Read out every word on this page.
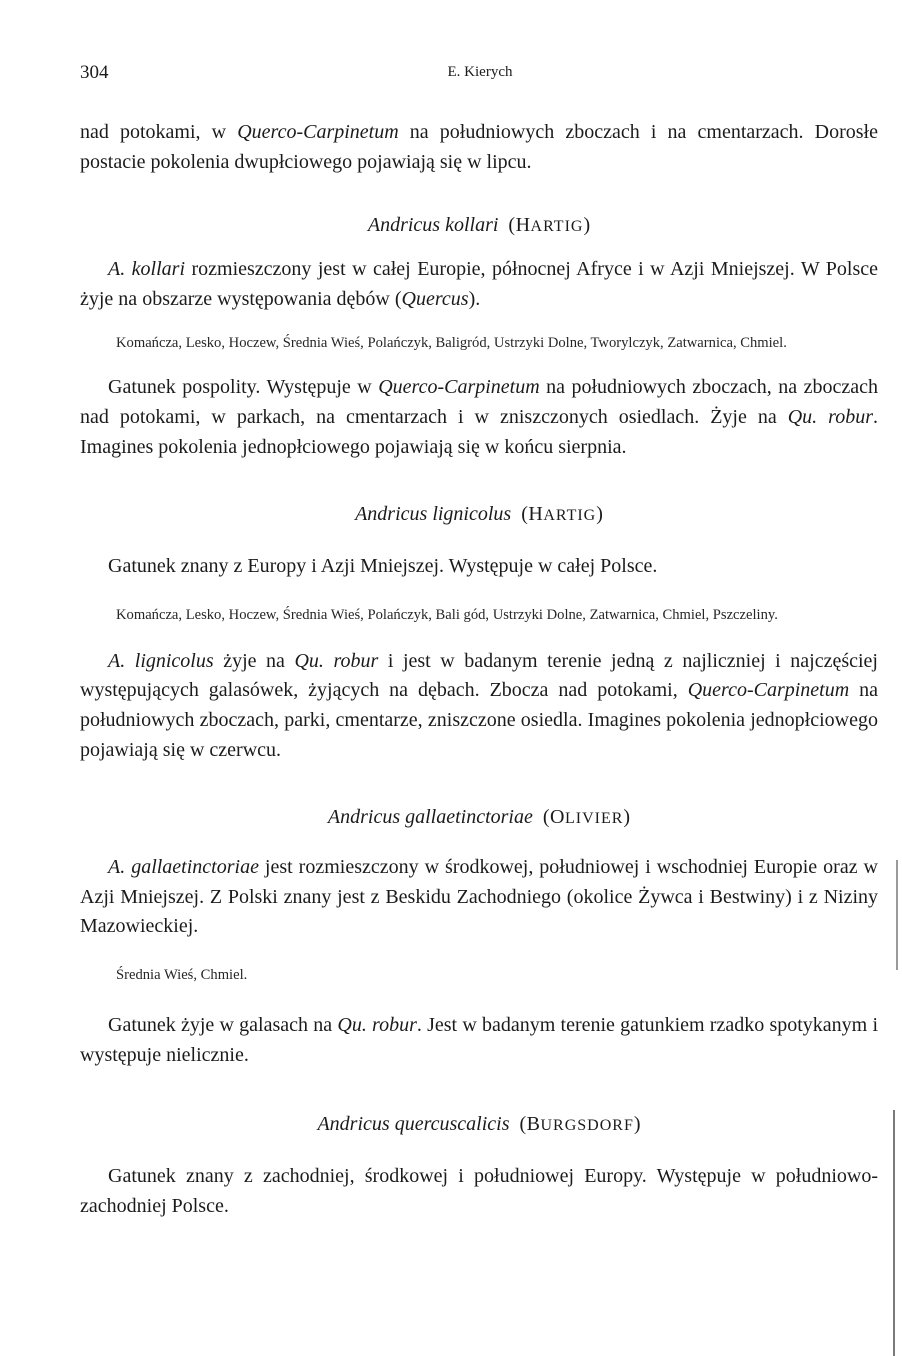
304	E. Kierych

nad potokami, w Querco-Carpinetum na południowych zboczach i na cmentarzach. Dorosłe postacie pokolenia dwupłciowego pojawiają się w lipcu.

Andricus kollari (HARTIG)

A. kollari rozmieszczony jest w całej Europie, północnej Afryce i w Azji Mniejszej. W Polsce żyje na obszarze występowania dębów (Quercus).

Komańcza, Lesko, Hoczew, Średnia Wieś, Polańczyk, Baligród, Ustrzyki Dolne, Tworylczyk, Zatwarnica, Chmiel.

Gatunek pospolity. Występuje w Querco-Carpinetum na południowych zboczach, na zboczach nad potokami, w parkach, na cmentarzach i w zniszczonych osiedlach. Żyje na Qu. robur. Imagines pokolenia jednopłciowego pojawiają się w końcu sierpnia.

Andricus lignicolus (HARTIG)

Gatunek znany z Europy i Azji Mniejszej. Występuje w całej Polsce.

Komańcza, Lesko, Hoczew, Średnia Wieś, Polańczyk, Bali gód, Ustrzyki Dolne, Zatwarnica, Chmiel, Pszczeliny.

A. lignicolus żyje na Qu. robur i jest w badanym terenie jedną z najliczniej i najczęściej występujących galasówek, żyjących na dębach. Zbocza nad potokami, Querco-Carpinetum na południowych zboczach, parki, cmentarze, zniszczone osiedla. Imagines pokolenia jednopłciowego pojawiają się w czerwcu.

Andricus gallaetinctoriae (OLIVIER)

A. gallaetinctoriae jest rozmieszczony w środkowej, południowej i wschodniej Europie oraz w Azji Mniejszej. Z Polski znany jest z Beskidu Zachodniego (okolice Żywca i Bestwiny) i z Niziny Mazowieckiej.

Średnia Wieś, Chmiel.

Gatunek żyje w galasach na Qu. robur. Jest w badanym terenie gatunkiem rzadko spotykanym i występuje nielicznie.

Andricus quercuscalicis (BURGSDORF)

Gatunek znany z zachodniej, środkowej i południowej Europy. Występuje w południowo-zachodniej Polsce.
